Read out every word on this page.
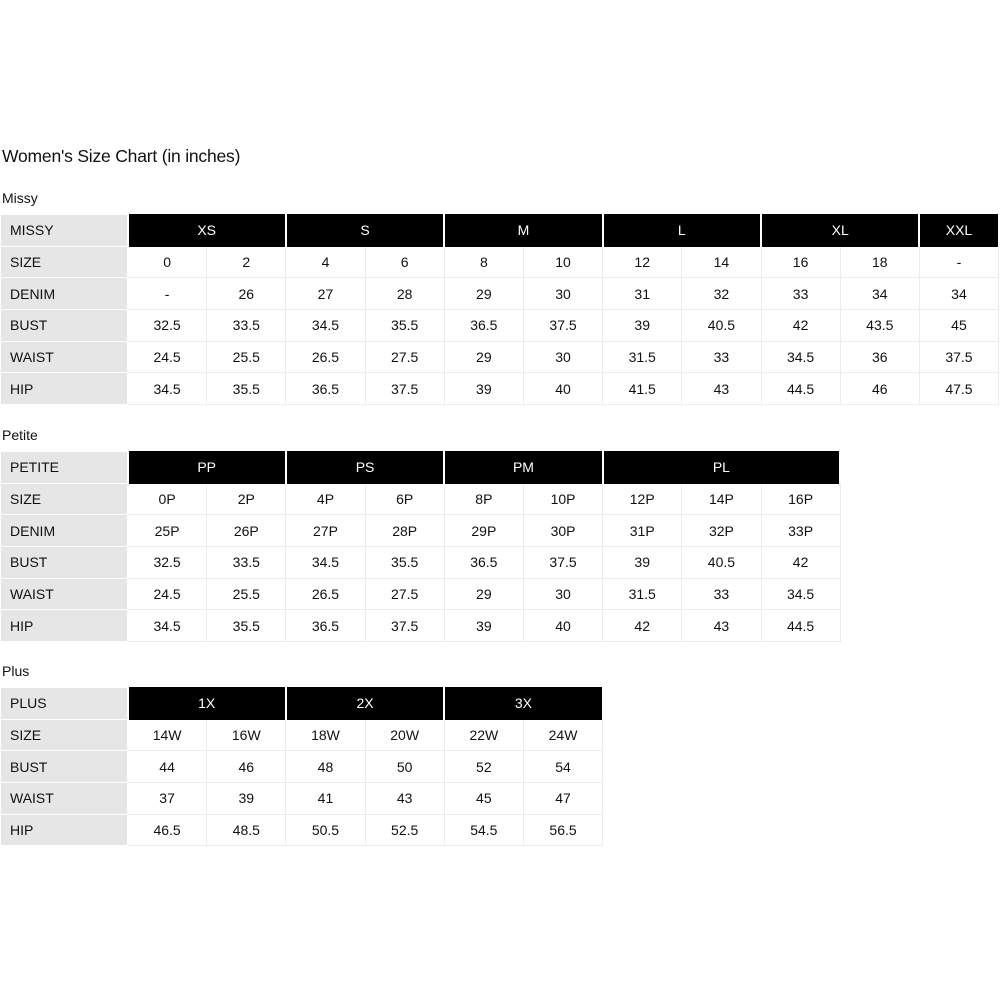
Women's Size Chart (in inches)
Missy
MISSY	XS		S		M		L		XL		XXL
SIZE	0	2	4	6	8	10	12	14	16	18	-
DENIM	-	26	27	28	29	30	31	32	33	34	34
BUST	32.5	33.5	34.5	35.5	36.5	37.5	39	40.5	42	43.5	45
WAIST	24.5	25.5	26.5	27.5	29	30	31.5	33	34.5	36	37.5
HIP	34.5	35.5	36.5	37.5	39	40	41.5	43	44.5	46	47.5
Petite
PETITE	PP		PS		PM		PL		
SIZE	0P	2P	4P	6P	8P	10P	12P	14P	16P
DENIM	25P	26P	27P	28P	29P	30P	31P	32P	33P
BUST	32.5	33.5	34.5	35.5	36.5	37.5	39	40.5	42
WAIST	24.5	25.5	26.5	27.5	29	30	31.5	33	34.5
HIP	34.5	35.5	36.5	37.5	39	40	42	43	44.5
Plus
PLUS	1X		2X		3X	
SIZE	14W	16W	18W	20W	22W	24W
BUST	44	46	48	50	52	54
WAIST	37	39	41	43	45	47
HIP	46.5	48.5	50.5	52.5	54.5	56.5
